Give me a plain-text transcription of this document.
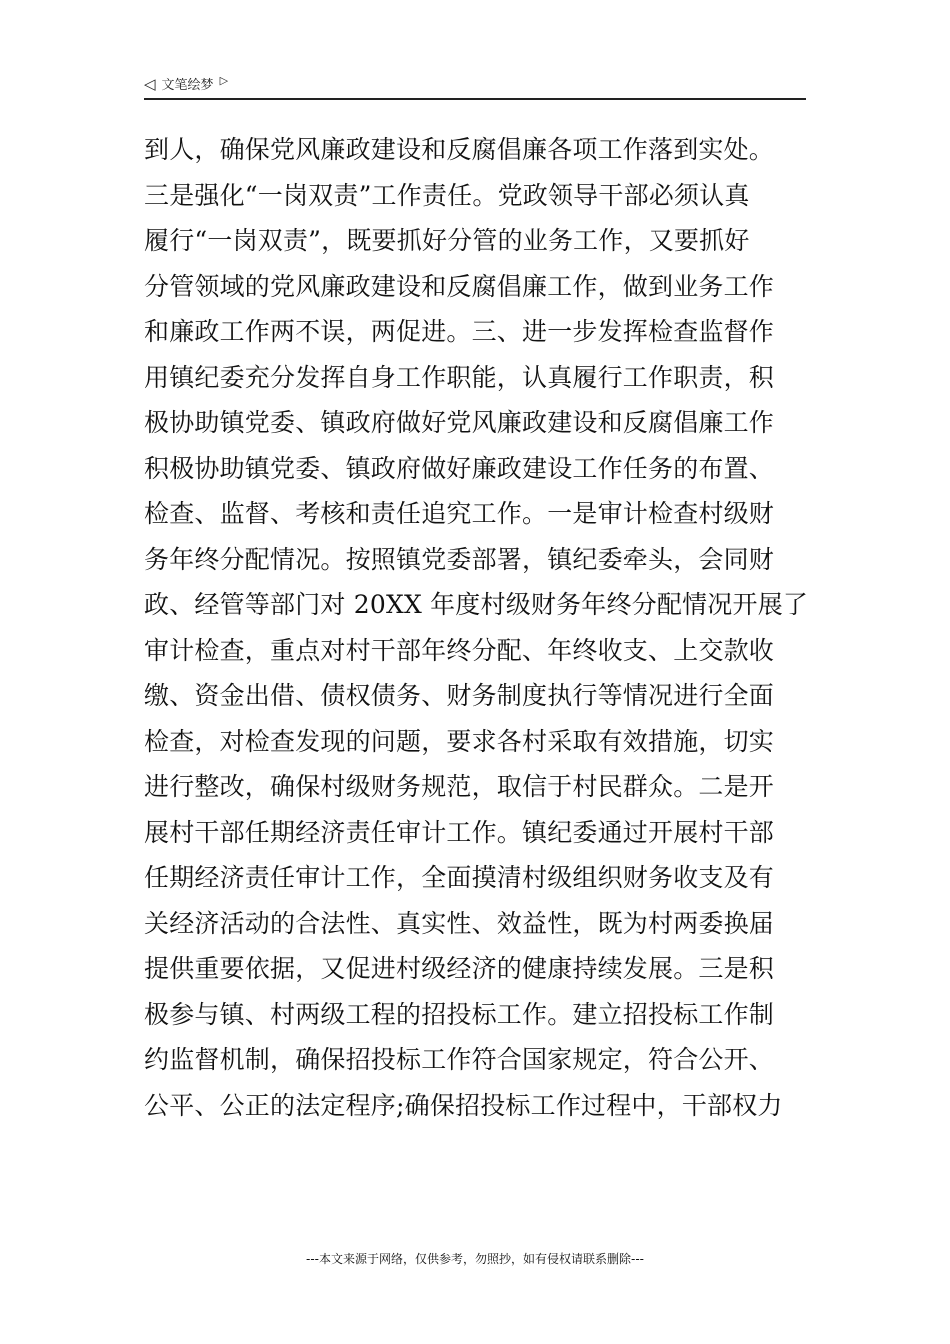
◁ 文笔绘梦 ▷
到人，确保党风廉政建设和反腐倡廉各项工作落到实处。
三是强化“一岗双责”工作责任。党政领导干部必须认真
履行“一岗双责”，既要抓好分管的业务工作，又要抓好
分管领域的党风廉政建设和反腐倡廉工作，做到业务工作
和廉政工作两不误，两促进。三、进一步发挥检查监督作
用镇纪委充分发挥自身工作职能，认真履行工作职责，积
极协助镇党委、镇政府做好党风廉政建设和反腐倡廉工作
积极协助镇党委、镇政府做好廉政建设工作任务的布置、
检查、监督、考核和责任追究工作。一是审计检查村级财
务年终分配情况。按照镇党委部署，镇纪委牵头，会同财
政、经管等部门对 20XX 年度村级财务年终分配情况开展了
审计检查，重点对村干部年终分配、年终收支、上交款收
缴、资金出借、债权债务、财务制度执行等情况进行全面
检查，对检查发现的问题，要求各村采取有效措施，切实
进行整改，确保村级财务规范，取信于村民群众。二是开
展村干部任期经济责任审计工作。镇纪委通过开展村干部
任期经济责任审计工作，全面摸清村级组织财务收支及有
关经济活动的合法性、真实性、效益性，既为村两委换届
提供重要依据，又促进村级经济的健康持续发展。三是积
极参与镇、村两级工程的招投标工作。建立招投标工作制
约监督机制，确保招投标工作符合国家规定，符合公开、
公平、公正的法定程序;确保招投标工作过程中，干部权力
---本文来源于网络，仅供参考，勿照抄，如有侵权请联系删除---
